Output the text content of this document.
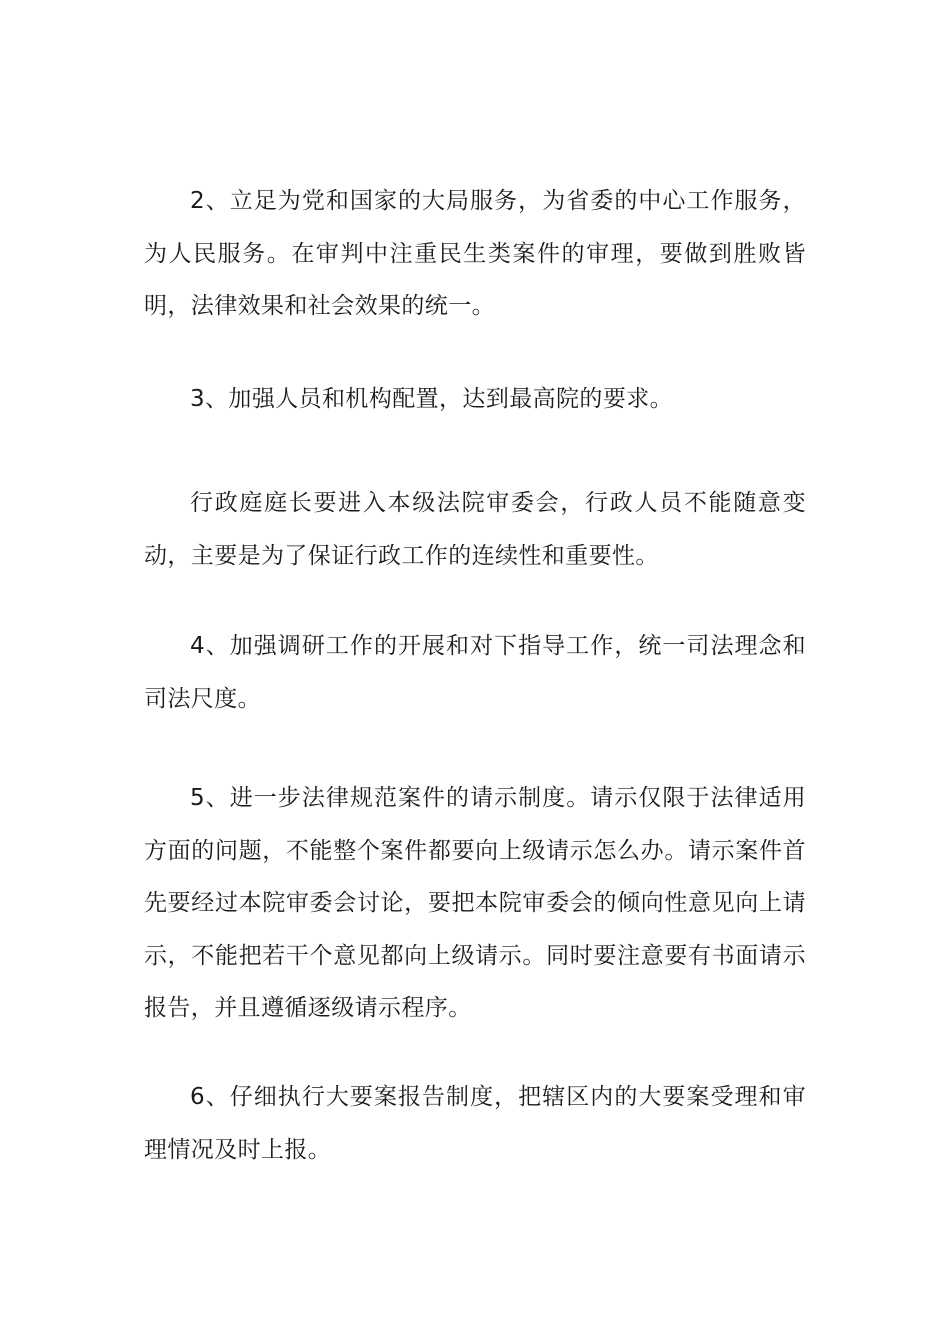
2、立足为党和国家的大局服务，为省委的中心工作服务，为人民服务。在审判中注重民生类案件的审理，要做到胜败皆明，法律效果和社会效果的统一。

3、加强人员和机构配置，达到最高院的要求。

行政庭庭长要进入本级法院审委会，行政人员不能随意变动，主要是为了保证行政工作的连续性和重要性。

4、加强调研工作的开展和对下指导工作，统一司法理念和司法尺度。

5、进一步法律规范案件的请示制度。请示仅限于法律适用方面的问题，不能整个案件都要向上级请示怎么办。请示案件首先要经过本院审委会讨论，要把本院审委会的倾向性意见向上请示，不能把若干个意见都向上级请示。同时要注意要有书面请示报告，并且遵循逐级请示程序。

6、仔细执行大要案报告制度，把辖区内的大要案受理和审理情况及时上报。
